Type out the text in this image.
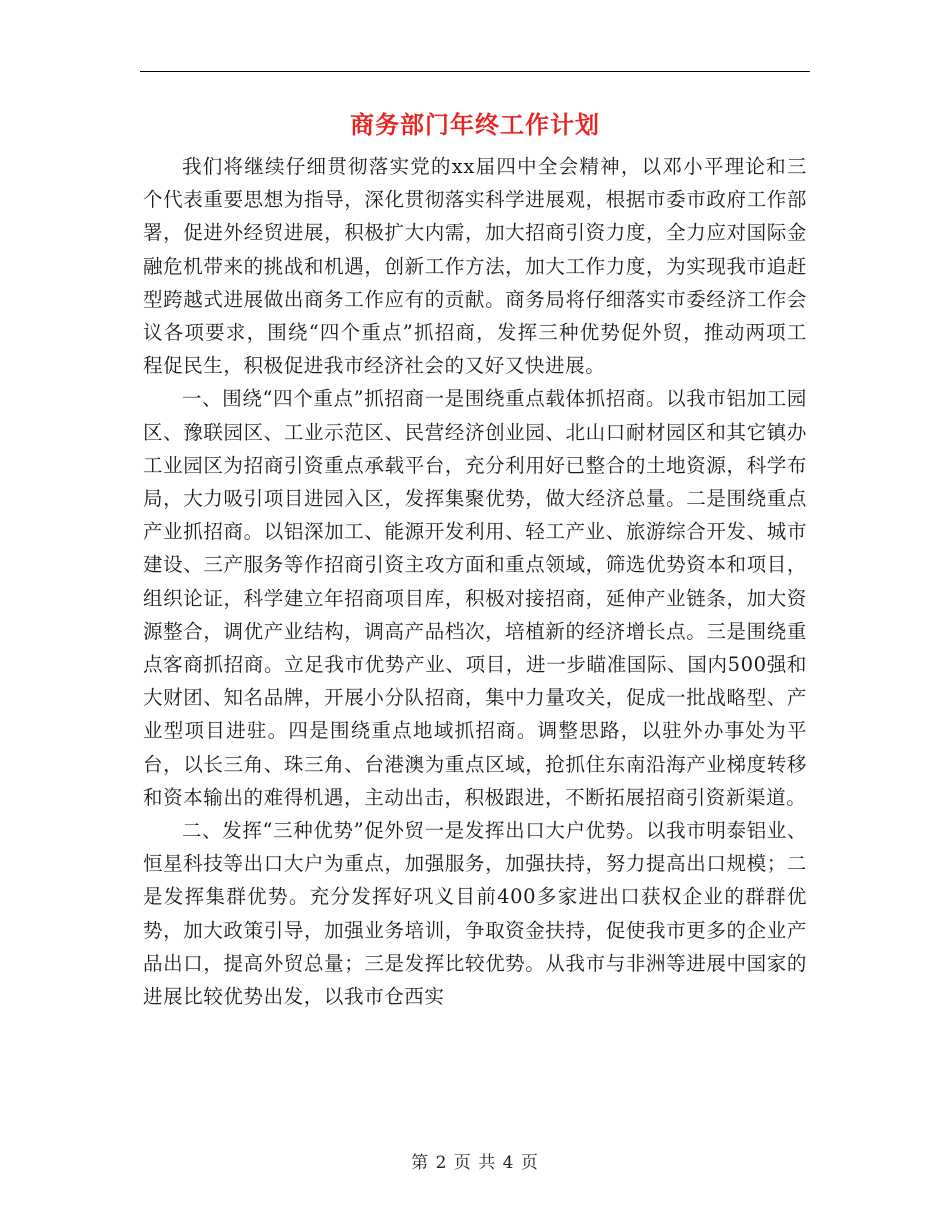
商务部门年终工作计划

我们将继续仔细贯彻落实党的xx届四中全会精神，以邓小平理论和三个代表重要思想为指导，深化贯彻落实科学进展观，根据市委市政府工作部署，促进外经贸进展，积极扩大内需，加大招商引资力度，全力应对国际金融危机带来的挑战和机遇，创新工作方法，加大工作力度，为实现我市追赶型跨越式进展做出商务工作应有的贡献。商务局将仔细落实市委经济工作会议各项要求，围绕“四个重点”抓招商，发挥三种优势促外贸，推动两项工程促民生，积极促进我市经济社会的又好又快进展。

一、围绕“四个重点”抓招商一是围绕重点载体抓招商。以我市铝加工园区、豫联园区、工业示范区、民营经济创业园、北山口耐材园区和其它镇办工业园区为招商引资重点承载平台，充分利用好已整合的土地资源，科学布局，大力吸引项目进园入区，发挥集聚优势，做大经济总量。二是围绕重点产业抓招商。以铝深加工、能源开发利用、轻工产业、旅游综合开发、城市建设、三产服务等作招商引资主攻方面和重点领域，筛选优势资本和项目，组织论证，科学建立年招商项目库，积极对接招商，延伸产业链条，加大资源整合，调优产业结构，调高产品档次，培植新的经济增长点。三是围绕重点客商抓招商。立足我市优势产业、项目，进一步瞄准国际、国内500强和大财团、知名品牌，开展小分队招商，集中力量攻关，促成一批战略型、产业型项目进驻。四是围绕重点地域抓招商。调整思路，以驻外办事处为平台，以长三角、珠三角、台港澳为重点区域，抢抓住东南沿海产业梯度转移和资本输出的难得机遇，主动出击，积极跟进，不断拓展招商引资新渠道。

二、发挥“三种优势”促外贸一是发挥出口大户优势。以我市明泰铝业、恒星科技等出口大户为重点，加强服务，加强扶持，努力提高出口规模；二是发挥集群优势。充分发挥好巩义目前400多家进出口获权企业的群群优势，加大政策引导，加强业务培训，争取资金扶持，促使我市更多的企业产品出口，提高外贸总量；三是发挥比较优势。从我市与非洲等进展中国家的进展比较优势出发，以我市仓西实

第 2 页 共 4 页
